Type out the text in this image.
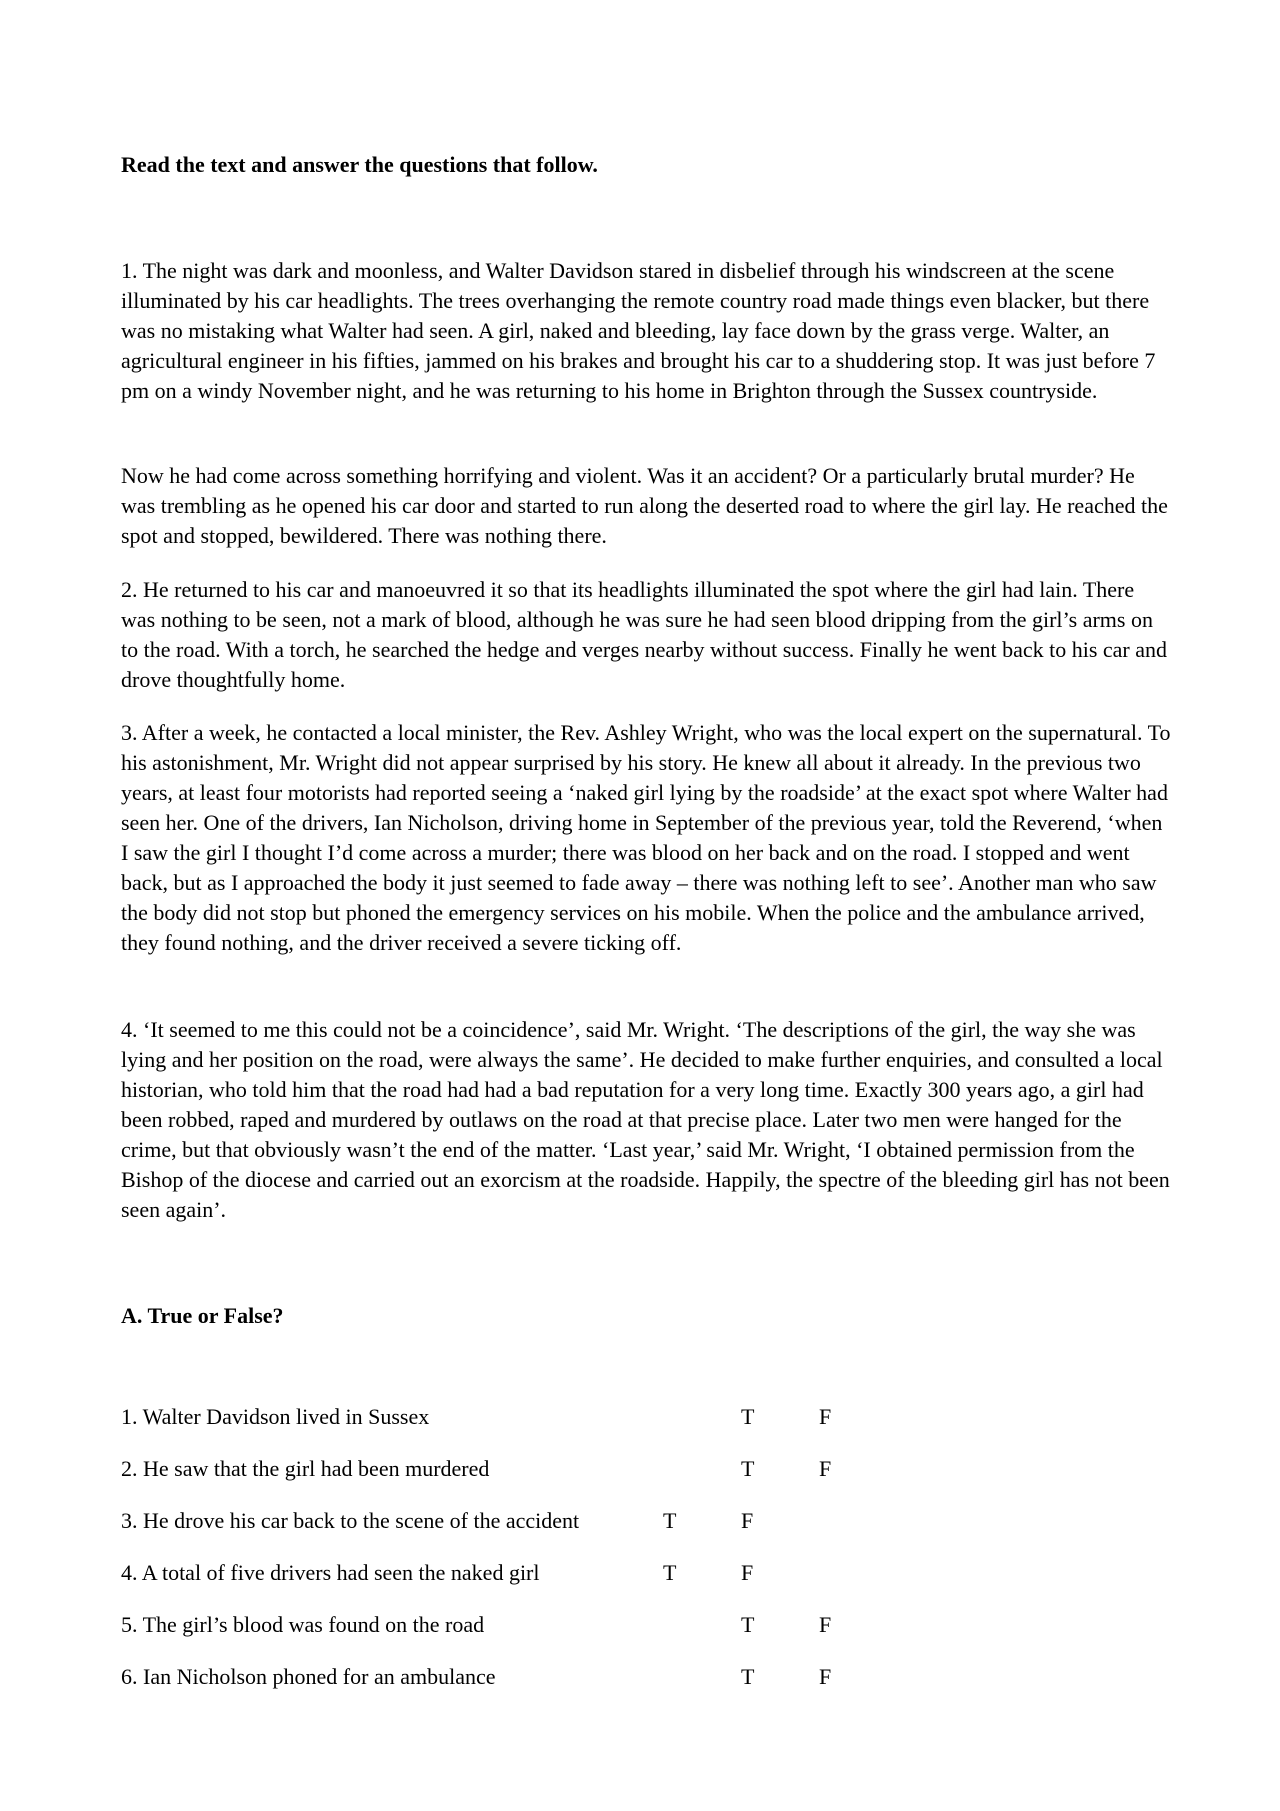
Read the text and answer the questions that follow.

1. The night was dark and moonless, and Walter Davidson stared in disbelief through his windscreen at the scene illuminated by his car headlights. The trees overhanging the remote country road made things even blacker, but there was no mistaking what Walter had seen. A girl, naked and bleeding, lay face down by the grass verge. Walter, an agricultural engineer in his fifties, jammed on his brakes and brought his car to a shuddering stop. It was just before 7 pm on a windy November night, and he was returning to his home in Brighton through the Sussex countryside.

Now he had come across something horrifying and violent. Was it an accident? Or a particularly brutal murder? He was trembling as he opened his car door and started to run along the deserted road to where the girl lay. He reached the spot and stopped, bewildered. There was nothing there.

2. He returned to his car and manoeuvred it so that its headlights illuminated the spot where the girl had lain. There was nothing to be seen, not a mark of blood, although he was sure he had seen blood dripping from the girl’s arms on to the road. With a torch, he searched the hedge and verges nearby without success. Finally he went back to his car and drove thoughtfully home.

3. After a week, he contacted a local minister, the Rev. Ashley Wright, who was the local expert on the supernatural. To his astonishment, Mr. Wright did not appear surprised by his story. He knew all about it already. In the previous two years, at least four motorists had reported seeing a ‘naked girl lying by the roadside’ at the exact spot where Walter had seen her. One of the drivers, Ian Nicholson, driving home in September of the previous year, told the Reverend, ‘when I saw the girl I thought I’d come across a murder; there was blood on her back and on the road. I stopped and went back, but as I approached the body it just seemed to fade away – there was nothing left to see’. Another man who saw the body did not stop but phoned the emergency services on his mobile. When the police and the ambulance arrived, they found nothing, and the driver received a severe ticking off.

4. ‘It seemed to me this could not be a coincidence’, said Mr. Wright. ‘The descriptions of the girl, the way she was lying and her position on the road, were always the same’. He decided to make further enquiries, and consulted a local historian, who told him that the road had had a bad reputation for a very long time. Exactly 300 years ago, a girl had been robbed, raped and murdered by outlaws on the road at that precise place. Later two men were hanged for the crime, but that obviously wasn’t the end of the matter. ‘Last year,’ said Mr. Wright, ‘I obtained permission from the Bishop of the diocese and carried out an exorcism at the roadside. Happily, the spectre of the bleeding girl has not been seen again’.

A. True or False?
1. Walter Davidson lived in Sussex	T	F
2. He saw that the girl had been murdered	T	F
3. He drove his car back to the scene of the accident	T	F
4. A total of five drivers had seen the naked girl	T	F
5. The girl’s blood was found on the road	T	F
6. Ian Nicholson phoned for an ambulance	T	F
